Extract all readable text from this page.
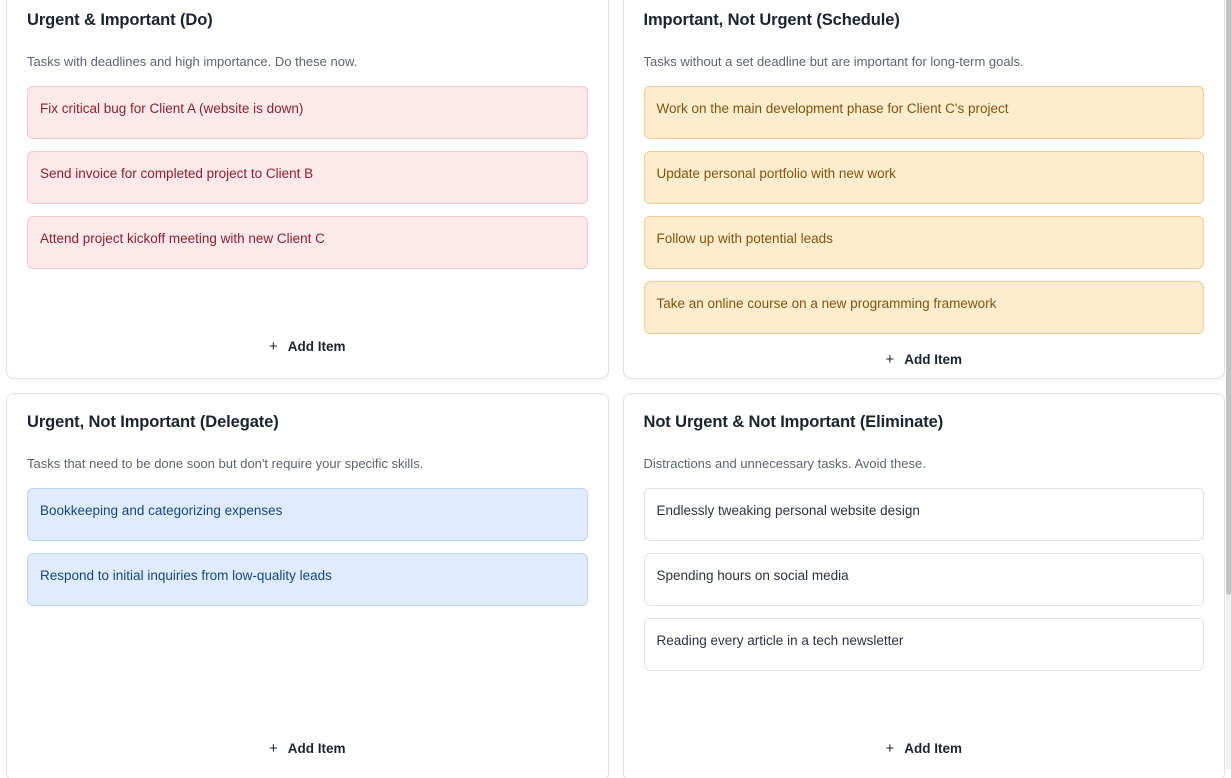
Urgent & Important (Do)
Tasks with deadlines and high importance. Do these now.
Fix critical bug for Client A (website is down)
Send invoice for completed project to Client B
Attend project kickoff meeting with new Client C
+ Add Item
Important, Not Urgent (Schedule)
Tasks without a set deadline but are important for long-term goals.
Work on the main development phase for Client C's project
Update personal portfolio with new work
Follow up with potential leads
Take an online course on a new programming framework
+ Add Item
Urgent, Not Important (Delegate)
Tasks that need to be done soon but don't require your specific skills.
Bookkeeping and categorizing expenses
Respond to initial inquiries from low-quality leads
+ Add Item
Not Urgent & Not Important (Eliminate)
Distractions and unnecessary tasks. Avoid these.
Endlessly tweaking personal website design
Spending hours on social media
Reading every article in a tech newsletter
+ Add Item
